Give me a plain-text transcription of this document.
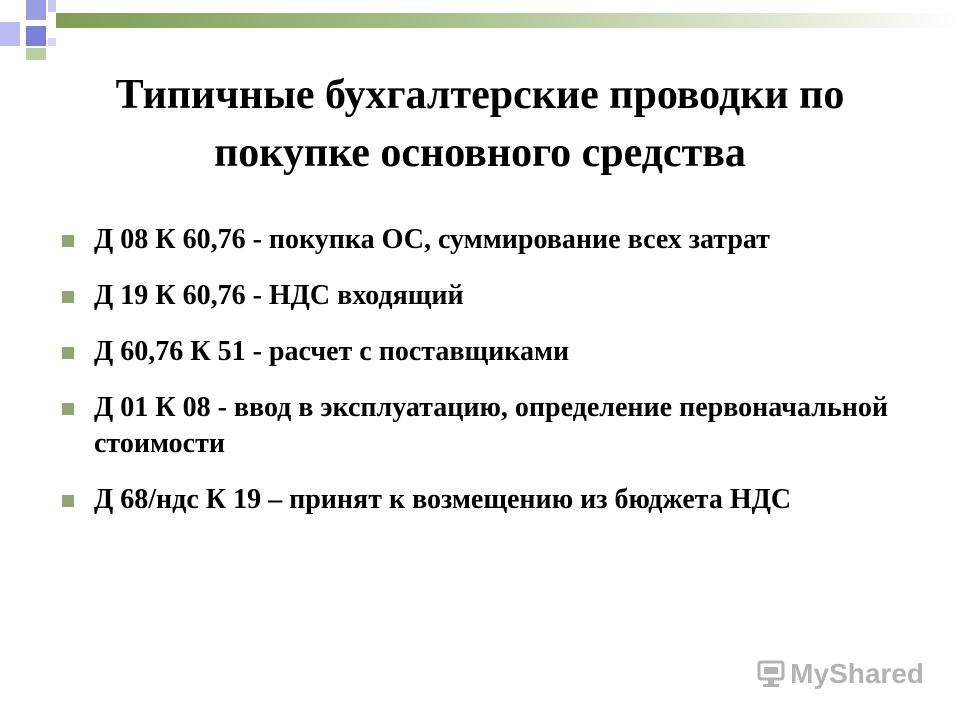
Типичные бухгалтерские проводки по
покупке основного средства
Д 08 К 60,76 - покупка ОС, суммирование всех затрат
Д 19 К 60,76 - НДС входящий
Д 60,76 К 51 - расчет с поставщиками
Д 01 К 08 - ввод в эксплуатацию, определение первоначальной стоимости
Д 68/ндс К 19 – принят к возмещению из бюджета НДС
MyShared
